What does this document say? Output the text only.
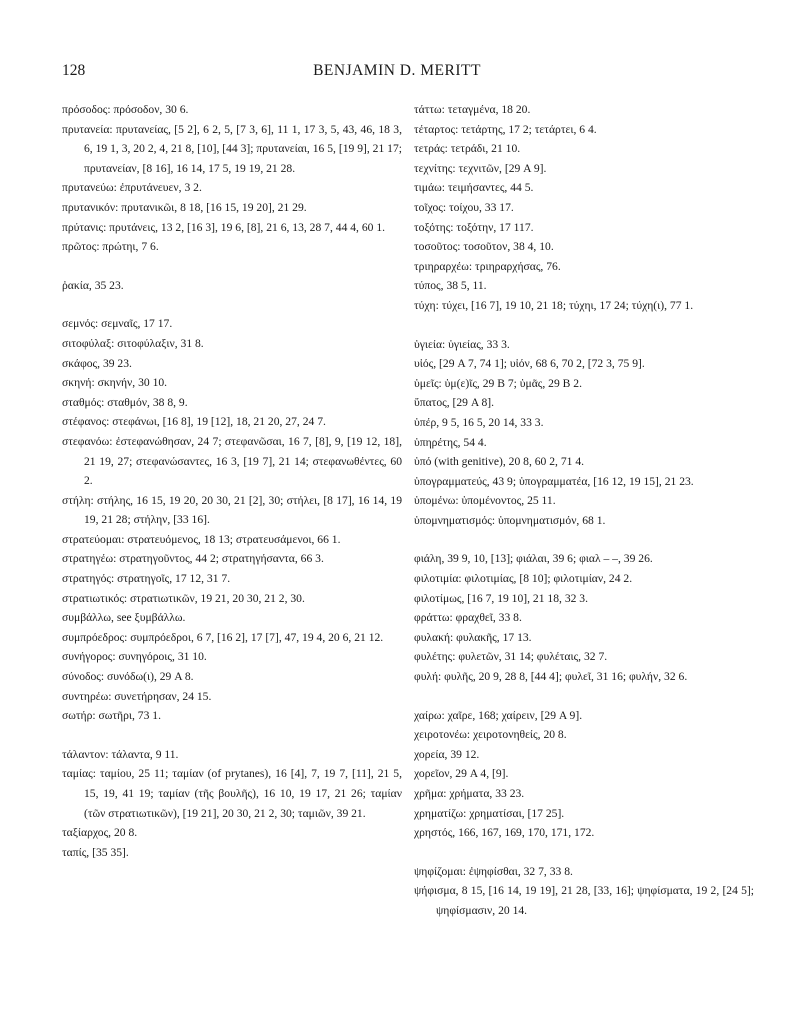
128	BENJAMIN D. MERITT
πρόσοδος: πρόσοδον, 30 6.
πρυτανεία: πρυτανείας, [5 2], 6 2, 5, [7 3, 6], 11 1, 17 3, 5, 43, 46, 18 3, 6, 19 1, 3, 20 2, 4, 21 8, [10], [44 3]; πρυτανείαι, 16 5, [19 9], 21 17; πρυτανείαν, [8 16], 16 14, 17 5, 19 19, 21 28.
πρυτανεύω: ἐπρυτάνευεν, 3 2.
πρυτανικόν: πρυτανικῶι, 8 18, [16 15, 19 20], 21 29.
πρύτανις: πρυτάνεις, 13 2, [16 3], 19 6, [8], 21 6, 13, 28 7, 44 4, 60 1.
πρῶτος: πρώτηι, 7 6.
ῥακία, 35 23.
σεμνός: σεμναῖς, 17 17.
σιτοφύλαξ: σιτοφύλαξιν, 31 8.
σκάφος, 39 23.
σκηνή: σκηνήν, 30 10.
σταθμός: σταθμόν, 38 8, 9.
στέφανος: στεφάνωι, [16 8], 19 [12], 18, 21 20, 27, 24 7.
στεφανόω: ἐστεφανώθησαν, 24 7; στεφανῶσαι, 16 7, [8], 9, [19 12, 18], 21 19, 27; στεφανώσαντες, 16 3, [19 7], 21 14; στεφανωθέντες, 60 2.
στήλη: στήλης, 16 15, 19 20, 20 30, 21 [2], 30; στήλει, [8 17], 16 14, 19 19, 21 28; στήλην, [33 16].
στρατεύομαι: στρατευόμενος, 18 13; στρατευσάμενοι, 66 1.
στρατηγέω: στρατηγοῦντος, 44 2; στρατηγήσαντα, 66 3.
στρατηγός: στρατηγοῖς, 17 12, 31 7.
στρατιωτικός: στρατιωτικῶν, 19 21, 20 30, 21 2, 30.
συμβάλλω, see ξυμβάλλω.
συμπρόεδρος: συμπρόεδροι, 6 7, [16 2], 17 [7], 47, 19 4, 20 6, 21 12.
συνήγορος: συνηγόροις, 31 10.
σύνοδος: συνόδω(ι), 29 A 8.
συντηρέω: συνετήρησαν, 24 15.
σωτήρ: σωτῆρι, 73 1.
τάλαντον: τάλαντα, 9 11.
ταμίας: ταμίου, 25 11; ταμίαν (of prytanes), 16 [4], 7, 19 7, [11], 21 5, 15, 19, 41 19; ταμίαν (τῆς βουλῆς), 16 10, 19 17, 21 26; ταμίαν (τῶν στρατιωτικῶν), [19 21], 20 30, 21 2, 30; ταμιῶν, 39 21.
ταξίαρχος, 20 8.
ταπίς, [35 35].
τάττω: τεταγμένα, 18 20.
τέταρτος: τετάρτης, 17 2; τετάρτει, 6 4.
τετράς: τετράδι, 21 10.
τεχνίτης: τεχνιτῶν, [29 A 9].
τιμάω: τειμήσαντες, 44 5.
τοῖχος: τοίχου, 33 17.
τοξότης: τοξότην, 17 117.
τοσοῦτος: τοσοῦτον, 38 4, 10.
τριηραρχέω: τριηραρχήσας, 76.
τύπος, 38 5, 11.
τύχη: τύχει, [16 7], 19 10, 21 18; τύχηι, 17 24; τύχη(ι), 77 1.
ὑγιεία: ὑγιείας, 33 3.
υἱός, [29 A 7, 74 1]; υἱόν, 68 6, 70 2, [72 3, 75 9].
ὑμεῖς: ὑμ(ε)ῖς, 29 B 7; ὑμᾶς, 29 B 2.
ὕπατος, [29 A 8].
ὑπέρ, 9 5, 16 5, 20 14, 33 3.
ὑπηρέτης, 54 4.
ὑπό (with genitive), 20 8, 60 2, 71 4.
ὑπογραμματεύς, 43 9; ὑπογραμματέα, [16 12, 19 15], 21 23.
ὑπομένω: ὑπομένοντος, 25 11.
ὑπομνηματισμός: ὑπομνηματισμόν, 68 1.
φιάλη, 39 9, 10, [13]; φιάλαι, 39 6; φιαλ – –, 39 26.
φιλοτιμία: φιλοτιμίας, [8 10]; φιλοτιμίαν, 24 2.
φιλοτίμως, [16 7, 19 10], 21 18, 32 3.
φράττω: φραχθεῖ, 33 8.
φυλακή: φυλακῆς, 17 13.
φυλέτης: φυλετῶν, 31 14; φυλέταις, 32 7.
φυλή: φυλῆς, 20 9, 28 8, [44 4]; φυλεῖ, 31 16; φυλήν, 32 6.
χαίρω: χαῖρε, 168; χαίρειν, [29 A 9].
χειροτονέω: χειροτονηθείς, 20 8.
χορεία, 39 12.
χορεῖον, 29 A 4, [9].
χρῆμα: χρήματα, 33 23.
χρηματίζω: χρηματίσαι, [17 25].
χρηστός, 166, 167, 169, 170, 171, 172.
ψηφίζομαι: ἐψηφίσθαι, 32 7, 33 8.
ψήφισμα, 8 15, [16 14, 19 19], 21 28, [33, 16]; ψηφίσματα, 19 2, [24 5]; ψηφίσμασιν, 20 14.
